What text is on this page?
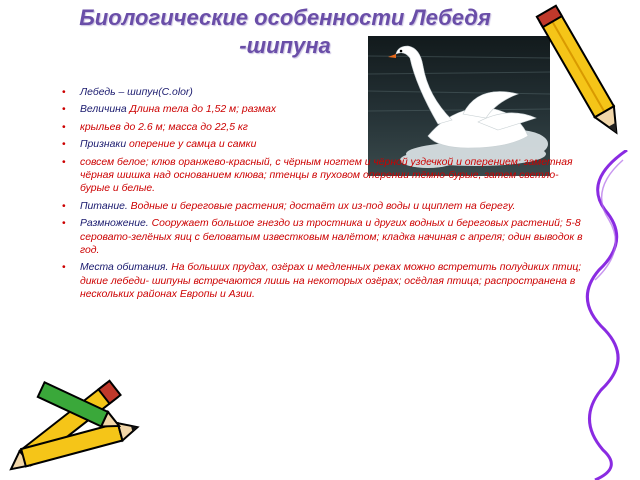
Биологические особенности Лебедя
-шипуна
• Лебедь – шипун(C.olor)
• Величина Длина тела до 1,52 м; размах
• крыльев до 2.6 м; масса до 22,5 кг
• Признаки оперение у самца и самки
• совсем белое; клюв оранжево-красный, с чёрным ногтем и чёрной уздечкой и оперением; заметная чёрная шишка над основанием клюва; птенцы в пуховом оперении тёмно-бурые, затем светло-бурые и белые.
• Питание. Водные и береговые растения; достаёт их из-под воды и щиплет на берегу.
• Размножение. Сооружает большое гнездо из тростника и других водных и береговых растений; 5-8 серовато-зелёных яиц с беловатым известковым налётом; кладка начиная с апреля; один выводок в год.
• Места обитания. На больших прудах, озёрах и медленных реках можно встретить полудиких птиц; дикие лебеди- шипуны встречаются лишь на некоторых озёрах; осёдлая птица; распространена в нескольких районах Европы и Азии.
